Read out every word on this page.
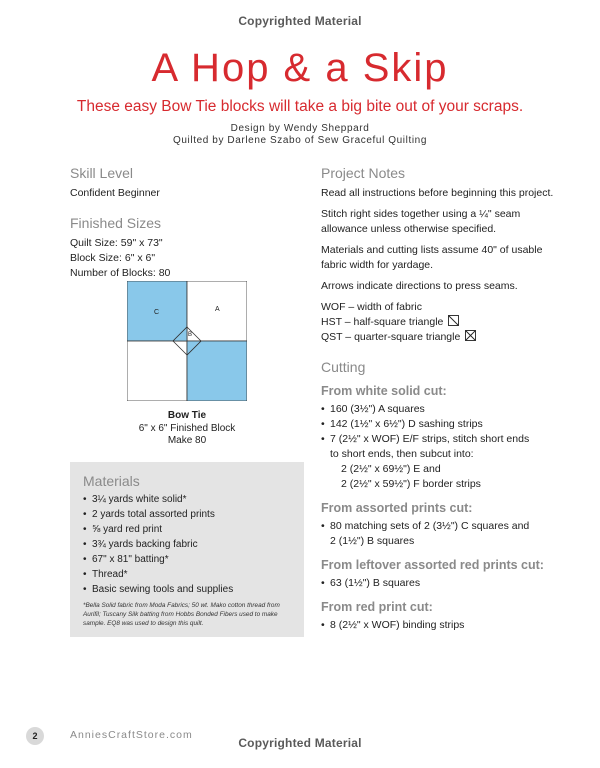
Copyrighted Material
A Hop & a Skip
These easy Bow Tie blocks will take a big bite out of your scraps.
Design by Wendy Sheppard
Quilted by Darlene Szabo of Sew Graceful Quilting
Skill Level
Confident Beginner
Finished Sizes
Quilt Size: 59" x 73"
Block Size: 6" x 6"
Number of Blocks: 80
C	A
B
Bow Tie
6" x 6" Finished Block
Make 80
Materials
• 3¼ yards white solid*
• 2 yards total assorted prints
• ⅝ yard red print
• 3¾ yards backing fabric
• 67" x 81" batting*
• Thread*
• Basic sewing tools and supplies
*Bella Solid fabric from Moda Fabrics; 50 wt. Mako cotton thread from Aurifil; Tuscany Silk batting from Hobbs Bonded Fibers used to make sample. EQ8 was used to design this quilt.
Project Notes
Read all instructions before beginning this project.
Stitch right sides together using a ¼" seam allowance unless otherwise specified.
Materials and cutting lists assume 40" of usable fabric width for yardage.
Arrows indicate directions to press seams.
WOF – width of fabric
HST – half-square triangle
QST – quarter-square triangle
Cutting
From white solid cut:
• 160 (3½") A squares
• 142 (1½" x 6½") D sashing strips
• 7 (2½" x WOF) E/F strips, stitch short ends
to short ends, then subcut into:
2 (2½" x 69½") E and
2 (2½" x 59½") F border strips
From assorted prints cut:
• 80 matching sets of 2 (3½") C squares and
2 (1½") B squares
From leftover assorted red prints cut:
• 63 (1½") B squares
From red print cut:
• 8 (2½" x WOF) binding strips
2	AnniesCraftStore.com
Copyrighted Material
